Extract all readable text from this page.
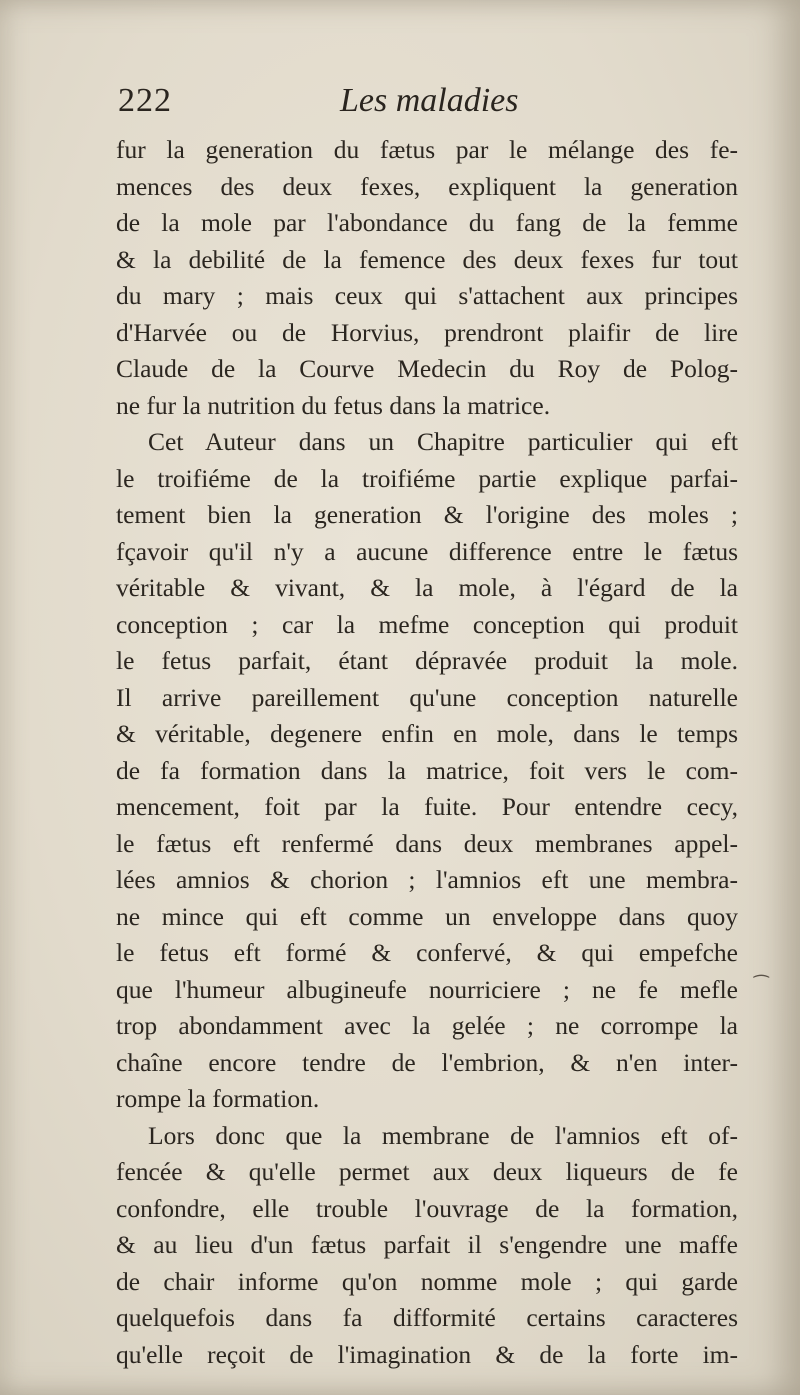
222	Les maladies
fur la generation du fætus par le mélange des fe-
mences des deux fexes, expliquent la generation
de la mole par l'abondance du fang de la femme
& la debilité de la femence des deux fexes fur tout
du mary ; mais ceux qui s'attachent aux principes
d'Harvée ou de Horvius, prendront plaifir de lire
Claude de la Courve Medecin du Roy de Polog-
ne fur la nutrition du fetus dans la matrice.
Cet Auteur dans un Chapitre particulier qui eft
le troifiéme de la troifiéme partie explique parfai-
tement bien la generation & l'origine des moles ;
fçavoir qu'il n'y a aucune difference entre le fætus
véritable & vivant, & la mole, à l'égard de la
conception ; car la mefme conception qui produit
le fetus parfait, étant dépravée produit la mole.
Il arrive pareillement qu'une conception naturelle
& véritable, degenere enfin en mole, dans le temps
de fa formation dans la matrice, foit vers le com-
mencement, foit par la fuite. Pour entendre cecy,
le fætus eft renfermé dans deux membranes appel-
lées amnios & chorion ; l'amnios eft une membra-
ne mince qui eft comme un enveloppe dans quoy
le fetus eft formé & confervé, & qui empefche
que l'humeur albugineufe nourriciere ; ne fe mefle
trop abondamment avec la gelée ; ne corrompe la
chaîne encore tendre de l'embrion, & n'en inter-
rompe la formation.
Lors donc que la membrane de l'amnios eft of-
fencée & qu'elle permet aux deux liqueurs de fe
confondre, elle trouble l'ouvrage de la formation,
& au lieu d'un fætus parfait il s'engendre une maffe
de chair informe qu'on nomme mole ; qui garde
quelquefois dans fa difformité certains caracteres
qu'elle reçoit de l'imagination & de la forte im-
⁀
